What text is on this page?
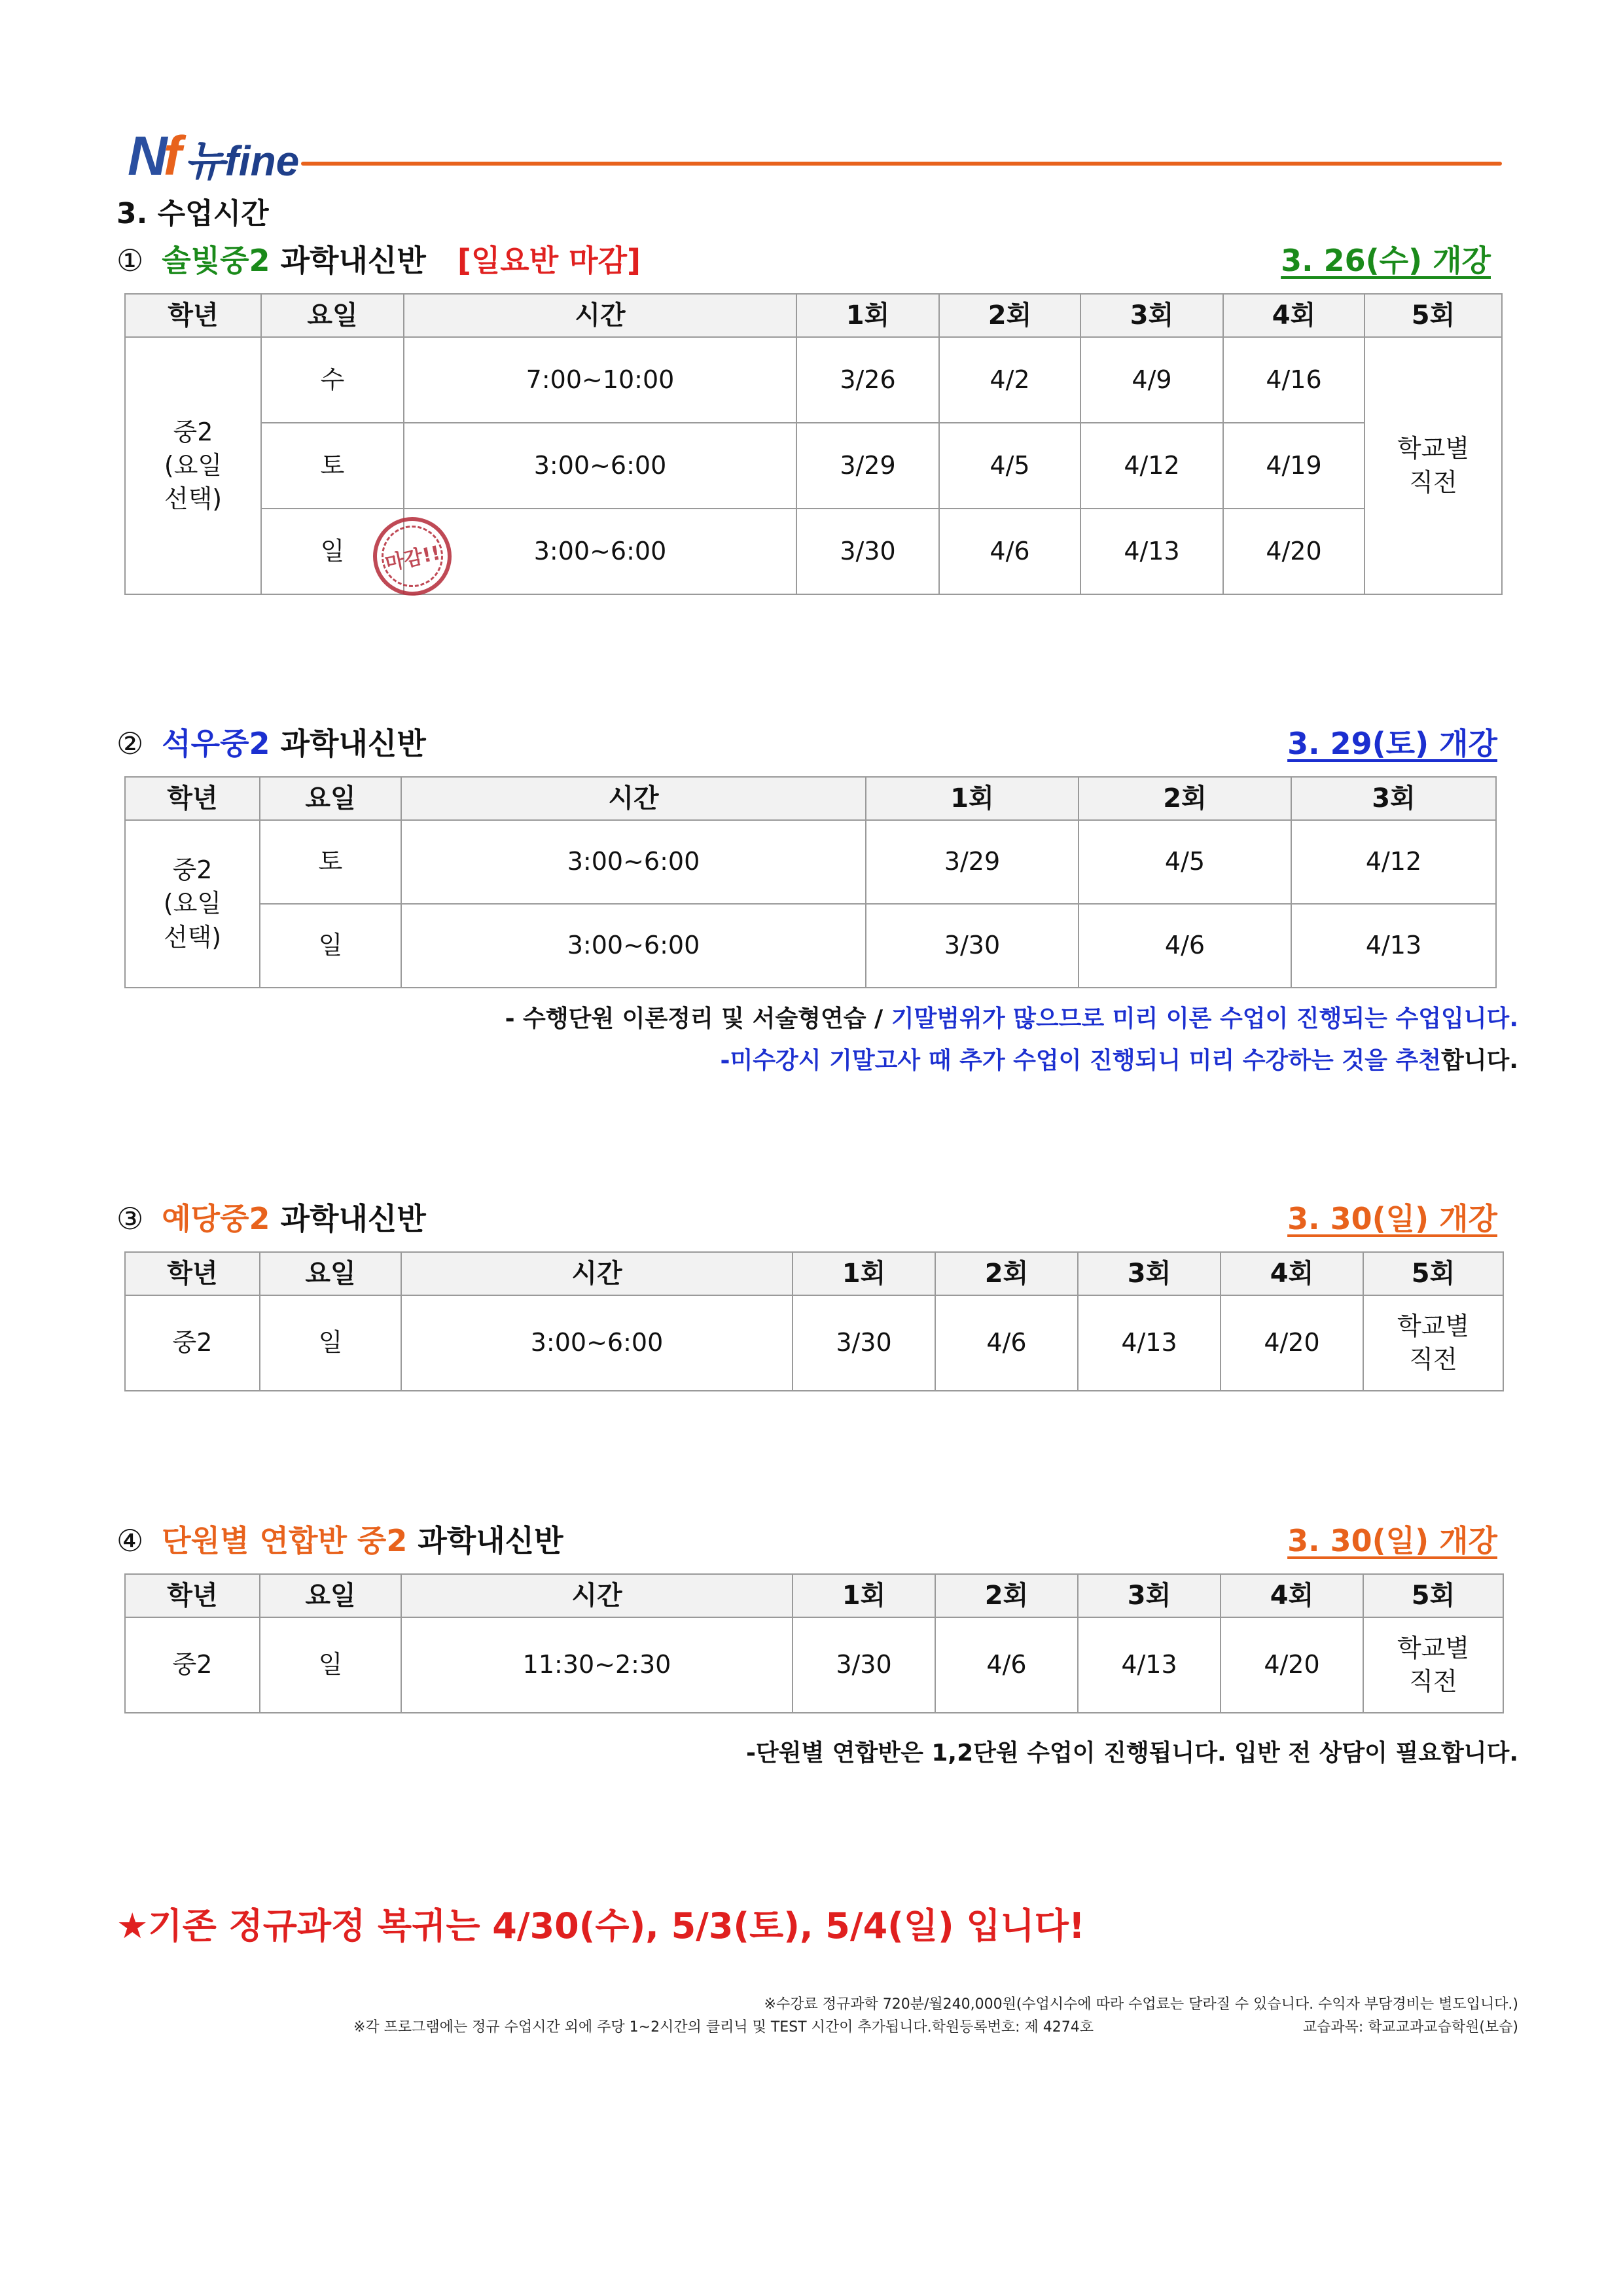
Nf 뉴fine
3. 수업시간
① 솔빛중2 과학내신반 [일요반 마감]	3. 26(수) 개강
학년	요일	시간	1회	2회	3회	4회	5회
중2
(요일
선택)	수	7:00~10:00	3/26	4/2	4/9	4/16	학교별
직전
	토	3:00~6:00	3/29	4/5	4/12	4/19	
	일	3:00~6:00	3/30	4/6	4/13	4/20	
마감!!
② 석우중2 과학내신반	3. 29(토) 개강
학년	요일	시간	1회	2회	3회
중2
(요일
선택)	토	3:00~6:00	3/29	4/5	4/12
	일	3:00~6:00	3/30	4/6	4/13
- 수행단원 이론정리 및 서술형연습 / 기말범위가 많으므로 미리 이론 수업이 진행되는 수업입니다.
-미수강시 기말고사 때 추가 수업이 진행되니 미리 수강하는 것을 추천합니다.
③ 예당중2 과학내신반	3. 30(일) 개강
학년	요일	시간	1회	2회	3회	4회	5회
중2	일	3:00~6:00	3/30	4/6	4/13	4/20	학교별
직전
④ 단원별 연합반 중2 과학내신반	3. 30(일) 개강
학년	요일	시간	1회	2회	3회	4회	5회
중2	일	11:30~2:30	3/30	4/6	4/13	4/20	학교별
직전
-단원별 연합반은 1,2단원 수업이 진행됩니다. 입반 전 상담이 필요합니다.
★기존 정규과정 복귀는 4/30(수), 5/3(토), 5/4(일) 입니다!
※수강료 정규과학 720분/월240,000원(수업시수에 따라 수업료는 달라질 수 있습니다. 수익자 부담경비는 별도입니다.)
※각 프로그램에는 정규 수업시간 외에 주당 1~2시간의 클리닉 및 TEST 시간이 추가됩니다.학원등록번호: 제 4274호	교습과목: 학교교과교습학원(보습)
